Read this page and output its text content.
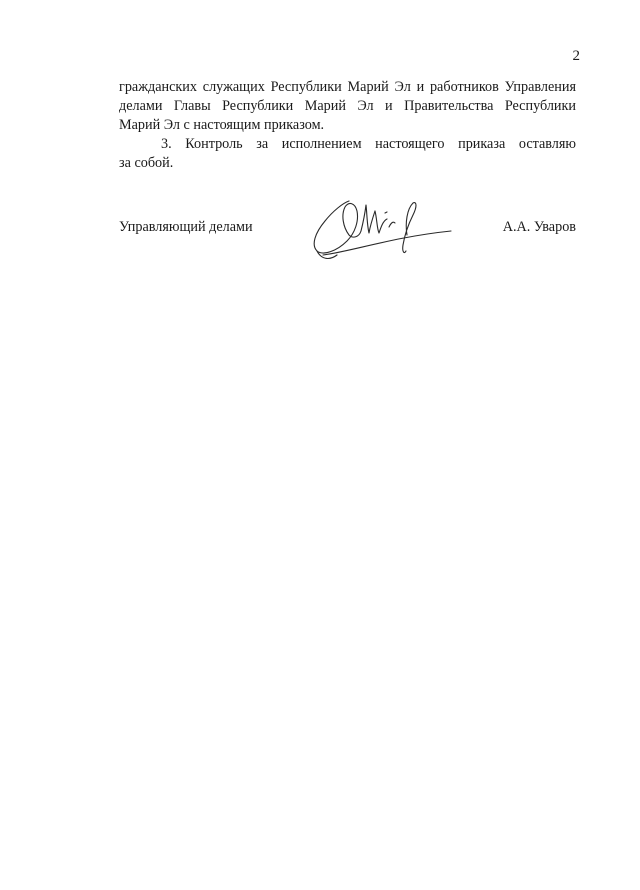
2

гражданских служащих Республики Марий Эл и работников Управления
делами Главы Республики Марий Эл и Правительства Республики
Марий Эл с настоящим приказом.

3. Контроль за исполнением настоящего приказа оставляю
за собой.

Управляющий делами	А.А. Уваров
